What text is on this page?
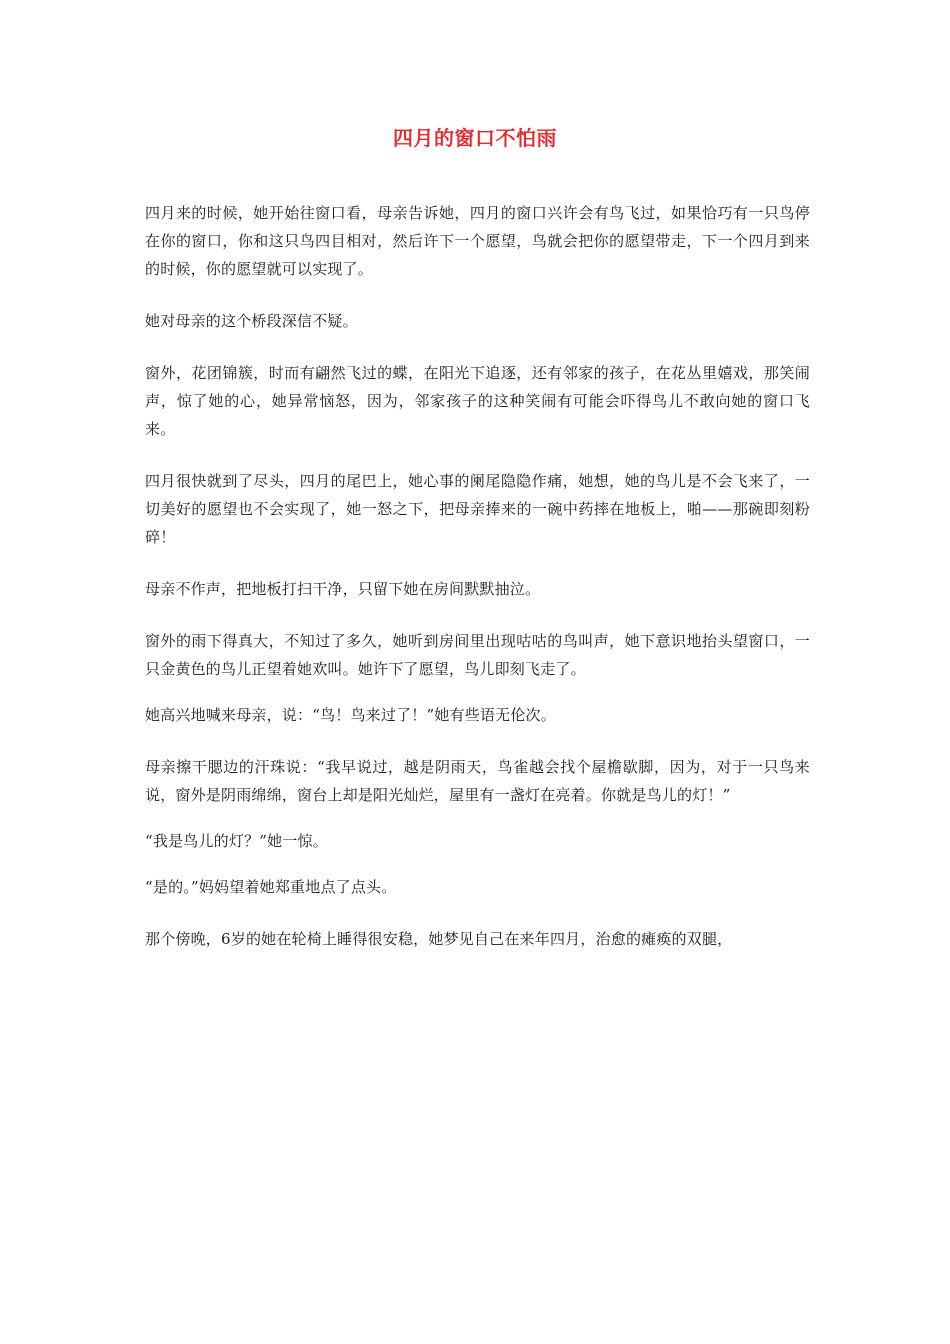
四月的窗口不怕雨

四月来的时候，她开始往窗口看，母亲告诉她，四月的窗口兴许会有鸟飞过，如果恰巧有一只鸟停在你的窗口，你和这只鸟四目相对，然后许下一个愿望，鸟就会把你的愿望带走，下一个四月到来的时候，你的愿望就可以实现了。

她对母亲的这个桥段深信不疑。

窗外，花团锦簇，时而有翩然飞过的蝶，在阳光下追逐，还有邻家的孩子，在花丛里嬉戏，那笑闹声，惊了她的心，她异常恼怒，因为，邻家孩子的这种笑闹有可能会吓得鸟儿不敢向她的窗口飞来。

四月很快就到了尽头，四月的尾巴上，她心事的阑尾隐隐作痛，她想，她的鸟儿是不会飞来了，一切美好的愿望也不会实现了，她一怒之下，把母亲捧来的一碗中药摔在地板上，啪——那碗即刻粉碎！

母亲不作声，把地板打扫干净，只留下她在房间默默抽泣。

窗外的雨下得真大，不知过了多久，她听到房间里出现咕咕的鸟叫声，她下意识地抬头望窗口，一只金黄色的鸟儿正望着她欢叫。她许下了愿望，鸟儿即刻飞走了。

她高兴地喊来母亲，说：“鸟！鸟来过了！”她有些语无伦次。

母亲擦干腮边的汗珠说：“我早说过，越是阴雨天，鸟雀越会找个屋檐歇脚，因为，对于一只鸟来说，窗外是阴雨绵绵，窗台上却是阳光灿烂，屋里有一盏灯在亮着。你就是鸟儿的灯！”

“我是鸟儿的灯？”她一惊。

“是的。”妈妈望着她郑重地点了点头。

那个傍晚，6岁的她在轮椅上睡得很安稳，她梦见自己在来年四月，治愈的瘫痪的双腿，
